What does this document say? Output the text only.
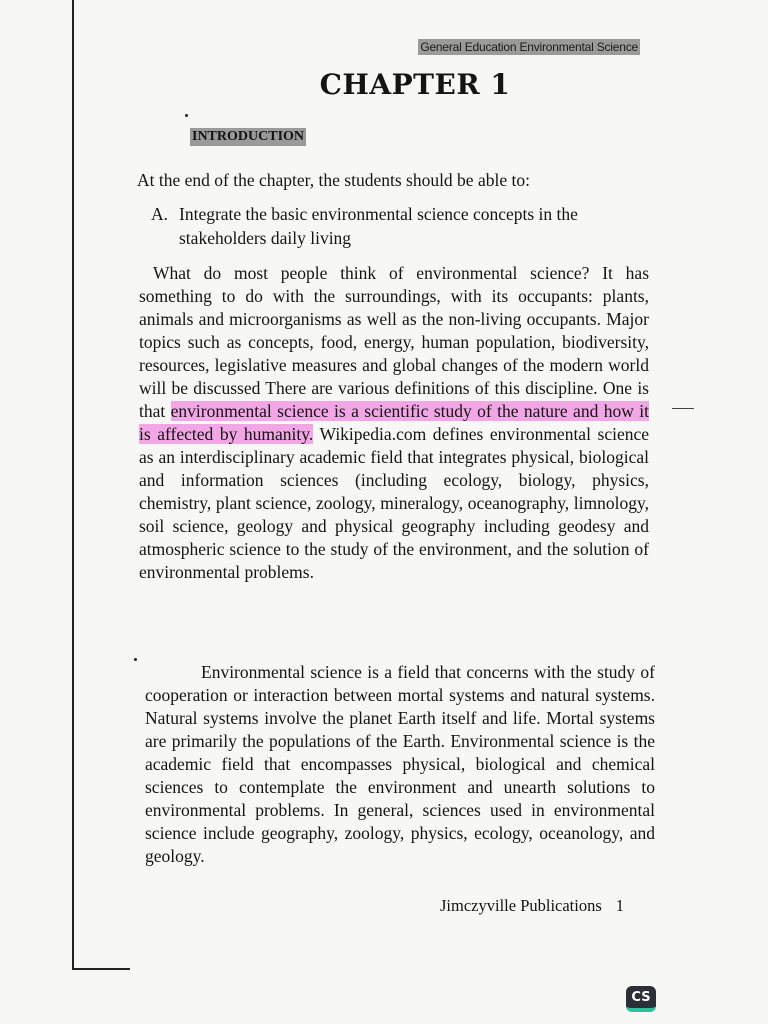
General Education Environmental Science
CHAPTER 1
INTRODUCTION
At the end of the chapter, the students should be able to:
A. Integrate the basic environmental science concepts in the stakeholders daily living
What do most people think of environmental science? It has something to do with the surroundings, with its occupants: plants, animals and microorganisms as well as the non-living occupants. Major topics such as concepts, food, energy, human population, biodiversity, resources, legislative measures and global changes of the modern world will be discussed There are various definitions of this discipline. One is that environmental science is a scientific study of the nature and how it is affected by humanity. Wikipedia.com defines environmental science as an interdisciplinary academic field that integrates physical, biological and information sciences (including ecology, biology, physics, chemistry, plant science, zoology, mineralogy, oceanography, limnology, soil science, geology and physical geography including geodesy and atmospheric science to the study of the environment, and the solution of environmental problems.
Environmental science is a field that concerns with the study of cooperation or interaction between mortal systems and natural systems. Natural systems involve the planet Earth itself and life. Mortal systems are primarily the populations of the Earth. Environmental science is the academic field that encompasses physical, biological and chemical sciences to contemplate the environment and unearth solutions to environmental problems. In general, sciences used in environmental science include geography, zoology, physics, ecology, oceanology, and geology.
Jimczyville Publications 1
CS
